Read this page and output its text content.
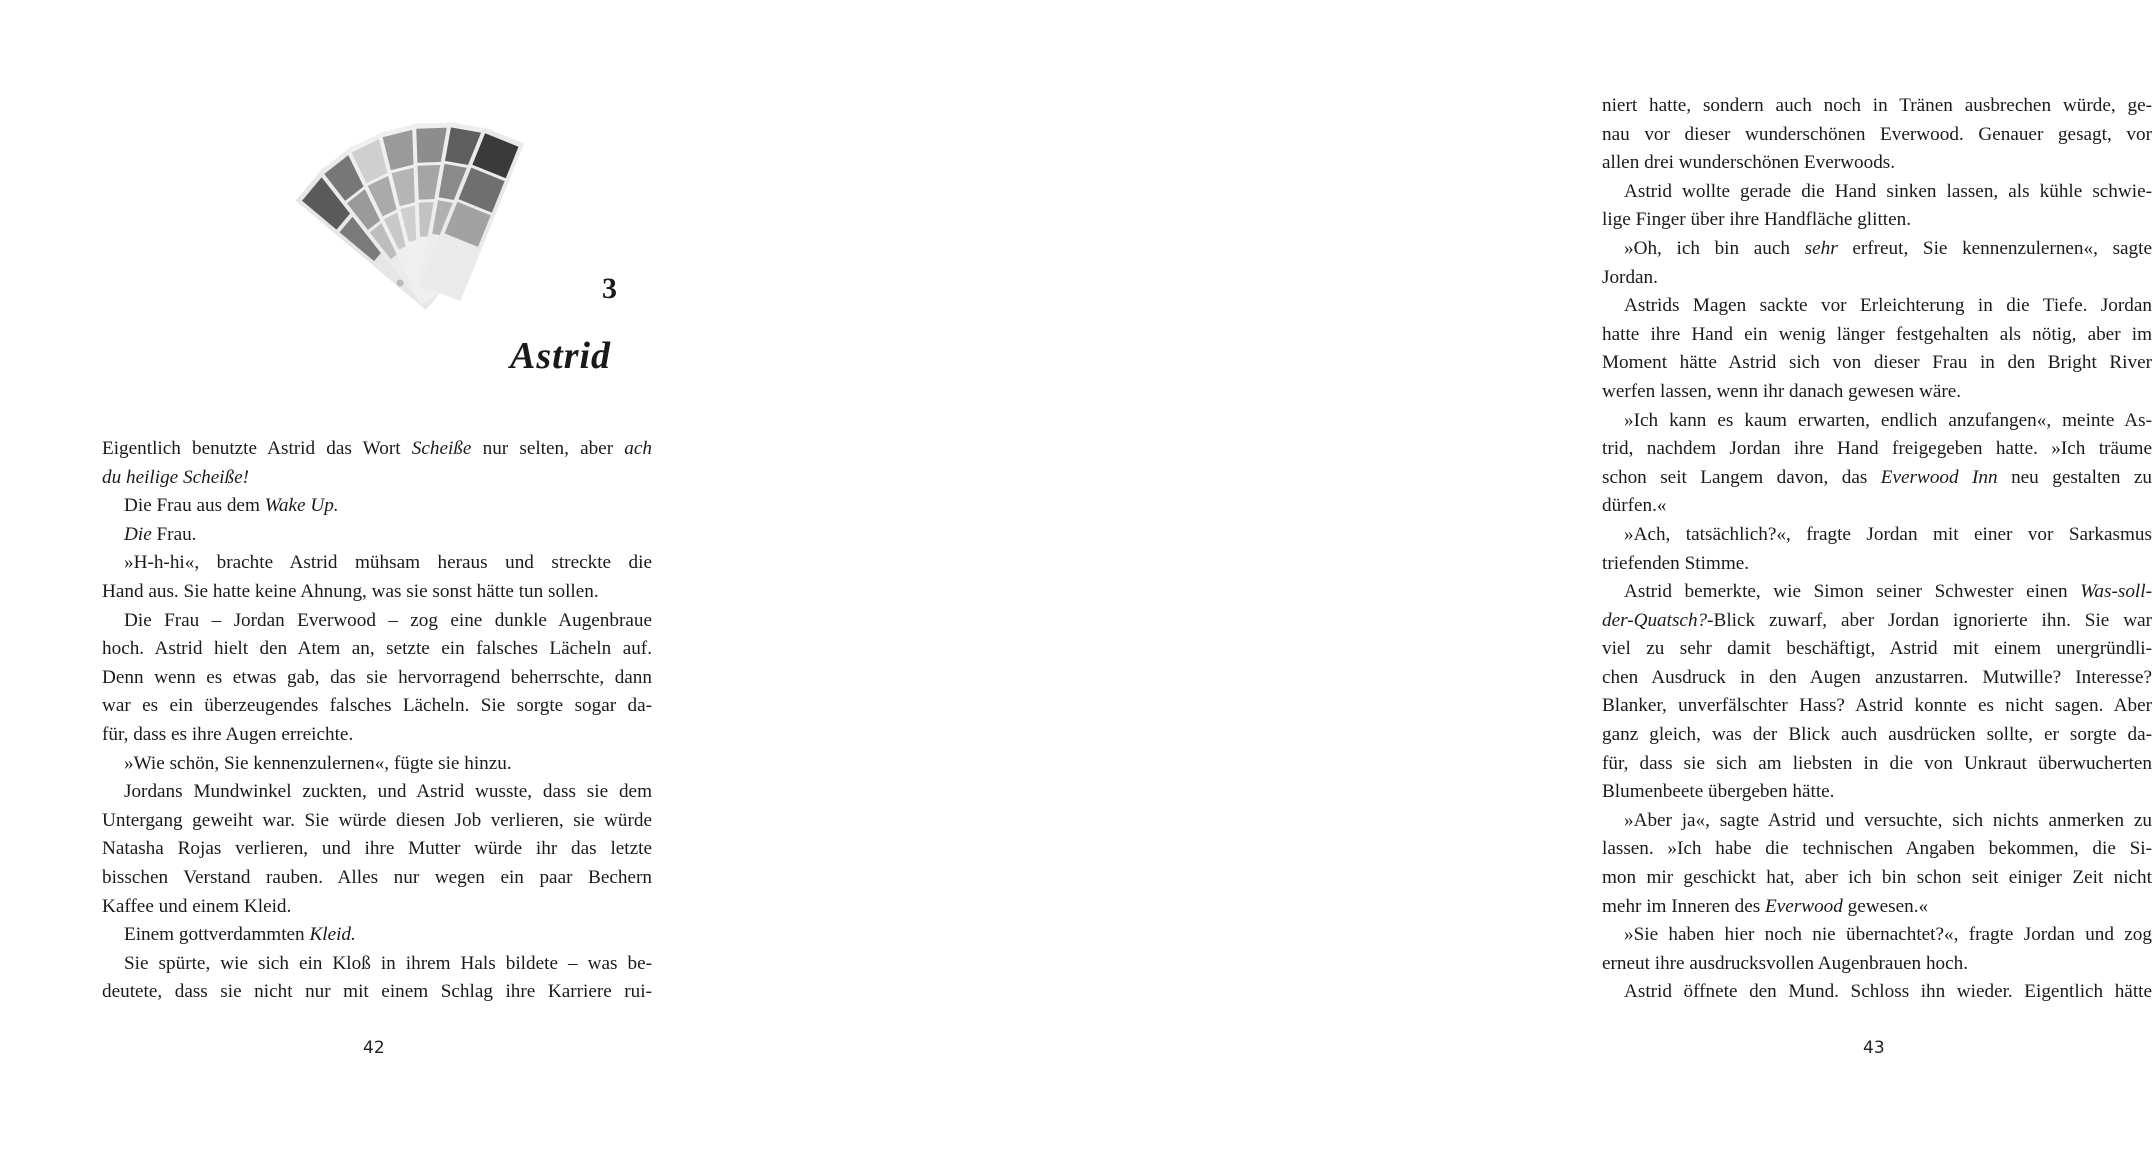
3
Astrid
Eigentlich benutzte Astrid das Wort Scheiße nur selten, aber ach
du heilige Scheiße!
Die Frau aus dem Wake Up.
Die Frau.
»H-h-hi«, brachte Astrid mühsam heraus und streckte die
Hand aus. Sie hatte keine Ahnung, was sie sonst hätte tun sollen.
Die Frau – Jordan Everwood – zog eine dunkle Augenbraue
hoch. Astrid hielt den Atem an, setzte ein falsches Lächeln auf.
Denn wenn es etwas gab, das sie hervorragend beherrschte, dann
war es ein überzeugendes falsches Lächeln. Sie sorgte sogar da-
für, dass es ihre Augen erreichte.
»Wie schön, Sie kennenzulernen«, fügte sie hinzu.
Jordans Mundwinkel zuckten, und Astrid wusste, dass sie dem
Untergang geweiht war. Sie würde diesen Job verlieren, sie würde
Natasha Rojas verlieren, und ihre Mutter würde ihr das letzte
bisschen Verstand rauben. Alles nur wegen ein paar Bechern
Kaffee und einem Kleid.
Einem gottverdammten Kleid.
Sie spürte, wie sich ein Kloß in ihrem Hals bildete – was be-
deutete, dass sie nicht nur mit einem Schlag ihre Karriere rui-
42
niert hatte, sondern auch noch in Tränen ausbrechen würde, ge-
nau vor dieser wunderschönen Everwood. Genauer gesagt, vor
allen drei wunderschönen Everwoods.
Astrid wollte gerade die Hand sinken lassen, als kühle schwie-
lige Finger über ihre Handfläche glitten.
»Oh, ich bin auch sehr erfreut, Sie kennenzulernen«, sagte
Jordan.
Astrids Magen sackte vor Erleichterung in die Tiefe. Jordan
hatte ihre Hand ein wenig länger festgehalten als nötig, aber im
Moment hätte Astrid sich von dieser Frau in den Bright River
werfen lassen, wenn ihr danach gewesen wäre.
»Ich kann es kaum erwarten, endlich anzufangen«, meinte As-
trid, nachdem Jordan ihre Hand freigegeben hatte. »Ich träume
schon seit Langem davon, das Everwood Inn neu gestalten zu
dürfen.«
»Ach, tatsächlich?«, fragte Jordan mit einer vor Sarkasmus
triefenden Stimme.
Astrid bemerkte, wie Simon seiner Schwester einen Was-soll-
der-Quatsch?-Blick zuwarf, aber Jordan ignorierte ihn. Sie war
viel zu sehr damit beschäftigt, Astrid mit einem unergründli-
chen Ausdruck in den Augen anzustarren. Mutwille? Interesse?
Blanker, unverfälschter Hass? Astrid konnte es nicht sagen. Aber
ganz gleich, was der Blick auch ausdrücken sollte, er sorgte da-
für, dass sie sich am liebsten in die von Unkraut überwucherten
Blumenbeete übergeben hätte.
»Aber ja«, sagte Astrid und versuchte, sich nichts anmerken zu
lassen. »Ich habe die technischen Angaben bekommen, die Si-
mon mir geschickt hat, aber ich bin schon seit einiger Zeit nicht
mehr im Inneren des Everwood gewesen.«
»Sie haben hier noch nie übernachtet?«, fragte Jordan und zog
erneut ihre ausdrucksvollen Augenbrauen hoch.
Astrid öffnete den Mund. Schloss ihn wieder. Eigentlich hätte
43
